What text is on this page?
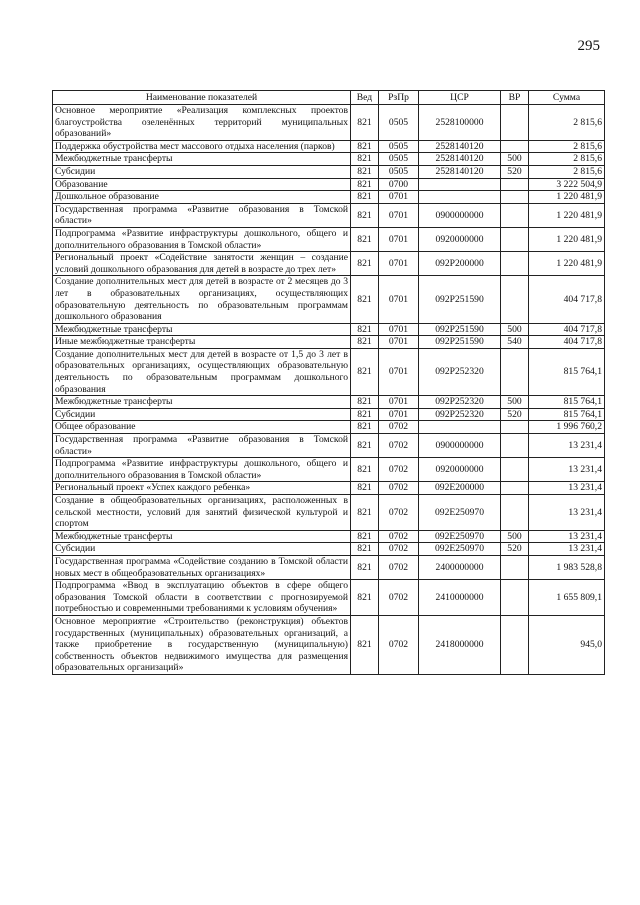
295
Наименование показателей	Вед	РзПр	ЦСР	ВР	Сумма
Основное мероприятие «Реализация комплексных проектов благоустройства озеленённых территорий муниципальных образований»	821	0505	2528100000		2 815,6
Поддержка обустройства мест массового отдыха населения (парков)	821	0505	2528140120		2 815,6
Межбюджетные трансферты	821	0505	2528140120	500	2 815,6
Субсидии	821	0505	2528140120	520	2 815,6
Образование	821	0700			3 222 504,9
Дошкольное образование	821	0701			1 220 481,9
Государственная программа «Развитие образования в Томской области»	821	0701	0900000000		1 220 481,9
Подпрограмма «Развитие инфраструктуры дошкольного, общего и дополнительного образования в Томской области»	821	0701	0920000000		1 220 481,9
Региональный проект «Содействие занятости женщин – создание условий дошкольного образования для детей в возрасте до трех лет»	821	0701	092P200000		1 220 481,9
Создание дополнительных мест для детей в возрасте от 2 месяцев до 3 лет в образовательных организациях, осуществляющих образовательную деятельность по образовательным программам дошкольного образования	821	0701	092P251590		404 717,8
Межбюджетные трансферты	821	0701	092P251590	500	404 717,8
Иные межбюджетные трансферты	821	0701	092P251590	540	404 717,8
Создание дополнительных мест для детей в возрасте от 1,5 до 3 лет в образовательных организациях, осуществляющих образовательную деятельность по образовательным программам дошкольного образования	821	0701	092P252320		815 764,1
Межбюджетные трансферты	821	0701	092P252320	500	815 764,1
Субсидии	821	0701	092P252320	520	815 764,1
Общее образование	821	0702			1 996 760,2
Государственная программа «Развитие образования в Томской области»	821	0702	0900000000		13 231,4
Подпрограмма «Развитие инфраструктуры дошкольного, общего и дополнительного образования в Томской области»	821	0702	0920000000		13 231,4
Региональный проект «Успех каждого ребенка»	821	0702	092E200000		13 231,4
Создание в общеобразовательных организациях, расположенных в сельской местности, условий для занятий физической культурой и спортом	821	0702	092E250970		13 231,4
Межбюджетные трансферты	821	0702	092E250970	500	13 231,4
Субсидии	821	0702	092E250970	520	13 231,4
Государственная программа «Содействие созданию в Томской области новых мест в общеобразовательных организациях»	821	0702	2400000000		1 983 528,8
Подпрограмма «Ввод в эксплуатацию объектов в сфере общего образования Томской области в соответствии с прогнозируемой потребностью и современными требованиями к условиям обучения»	821	0702	2410000000		1 655 809,1
Основное мероприятие «Строительство (реконструкция) объектов государственных (муниципальных) образовательных организаций, а также приобретение в государственную (муниципальную) собственность объектов недвижимого имущества для размещения образовательных организаций»	821	0702	2418000000		945,0
